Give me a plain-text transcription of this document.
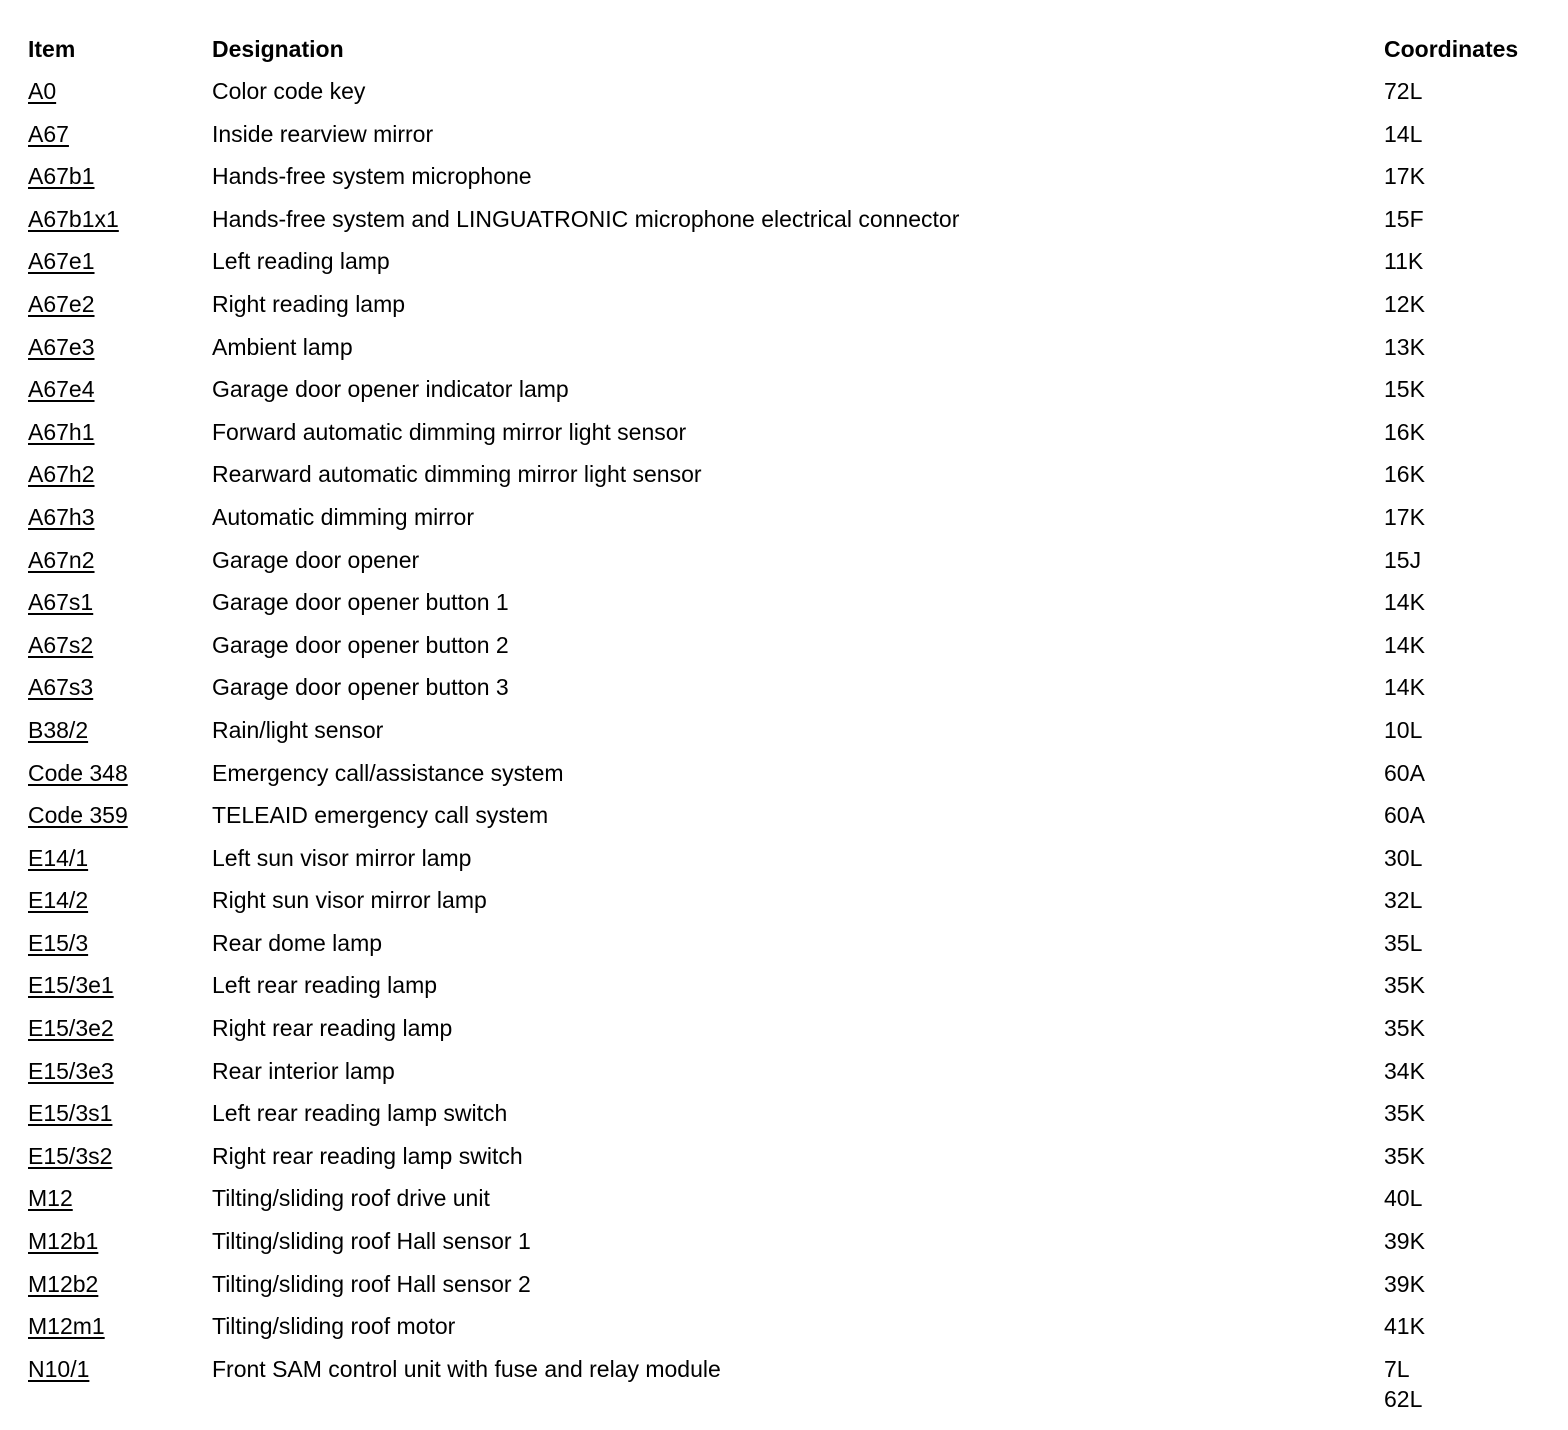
Item	Designation	Coordinates
A0	Color code key	72L
A67	Inside rearview mirror	14L
A67b1	Hands-free system microphone	17K
A67b1x1	Hands-free system and LINGUATRONIC microphone electrical connector	15F
A67e1	Left reading lamp	11K
A67e2	Right reading lamp	12K
A67e3	Ambient lamp	13K
A67e4	Garage door opener indicator lamp	15K
A67h1	Forward automatic dimming mirror light sensor	16K
A67h2	Rearward automatic dimming mirror light sensor	16K
A67h3	Automatic dimming mirror	17K
A67n2	Garage door opener	15J
A67s1	Garage door opener button 1	14K
A67s2	Garage door opener button 2	14K
A67s3	Garage door opener button 3	14K
B38/2	Rain/light sensor	10L
Code 348	Emergency call/assistance system	60A
Code 359	TELEAID emergency call system	60A
E14/1	Left sun visor mirror lamp	30L
E14/2	Right sun visor mirror lamp	32L
E15/3	Rear dome lamp	35L
E15/3e1	Left rear reading lamp	35K
E15/3e2	Right rear reading lamp	35K
E15/3e3	Rear interior lamp	34K
E15/3s1	Left rear reading lamp switch	35K
E15/3s2	Right rear reading lamp switch	35K
M12	Tilting/sliding roof drive unit	40L
M12b1	Tilting/sliding roof Hall sensor 1	39K
M12b2	Tilting/sliding roof Hall sensor 2	39K
M12m1	Tilting/sliding roof motor	41K
N10/1	Front SAM control unit with fuse and relay module	7L
62L
